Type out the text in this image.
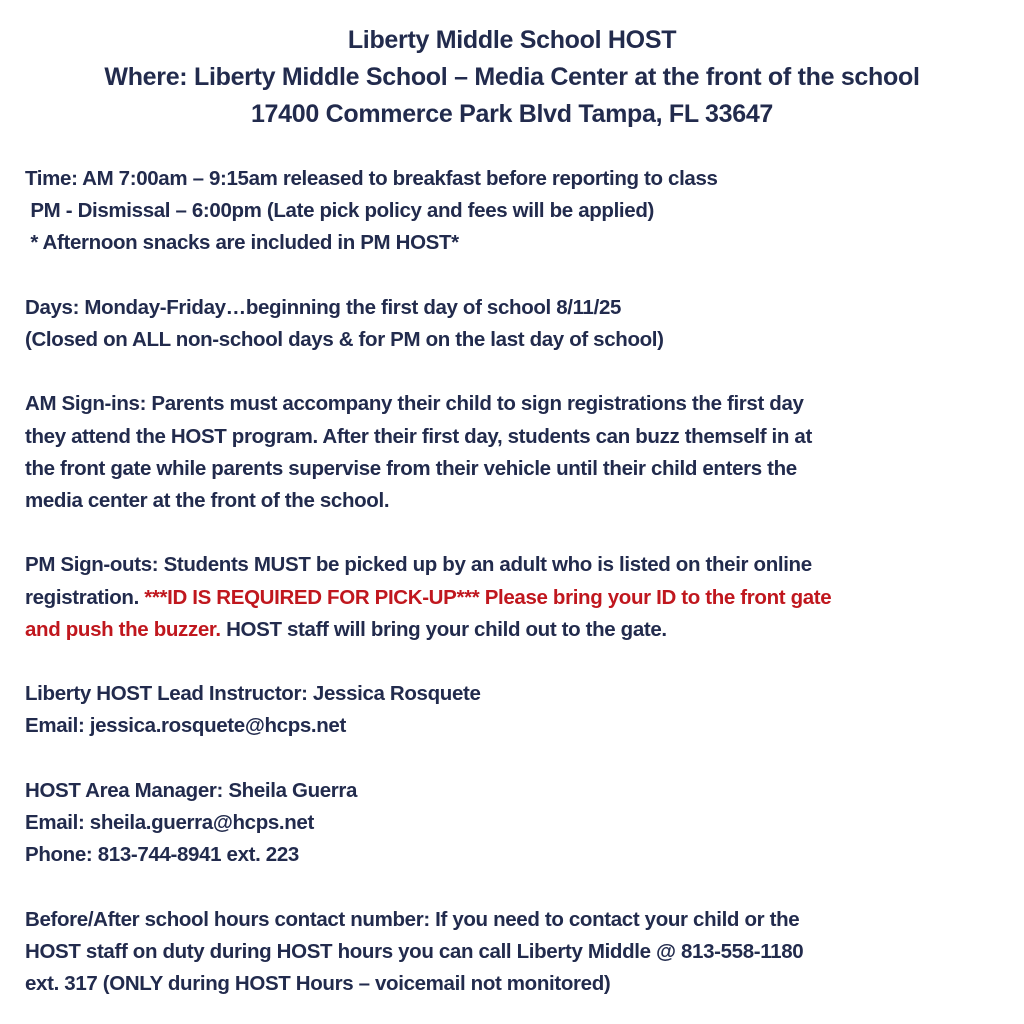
Liberty Middle School HOST
Where: Liberty Middle School – Media Center at the front of the school
17400 Commerce Park Blvd Tampa, FL 33647
Time: AM 7:00am – 9:15am released to breakfast before reporting to class
PM - Dismissal – 6:00pm (Late pick policy and fees will be applied)
* Afternoon snacks are included in PM HOST*
Days: Monday-Friday…beginning the first day of school 8/11/25
(Closed on ALL non-school days & for PM on the last day of school)
AM Sign-ins: Parents must accompany their child to sign registrations the first day
they attend the HOST program. After their first day, students can buzz themself in at
the front gate while parents supervise from their vehicle until their child enters the
media center at the front of the school.
PM Sign-outs: Students MUST be picked up by an adult who is listed on their online
registration. ***ID IS REQUIRED FOR PICK-UP*** Please bring your ID to the front gate
and push the buzzer. HOST staff will bring your child out to the gate.
Liberty HOST Lead Instructor: Jessica Rosquete
Email: jessica.rosquete@hcps.net
HOST Area Manager: Sheila Guerra
Email: sheila.guerra@hcps.net
Phone: 813-744-8941 ext. 223
Before/After school hours contact number: If you need to contact your child or the
HOST staff on duty during HOST hours you can call Liberty Middle @ 813-558-1180
ext. 317 (ONLY during HOST Hours – voicemail not monitored)
